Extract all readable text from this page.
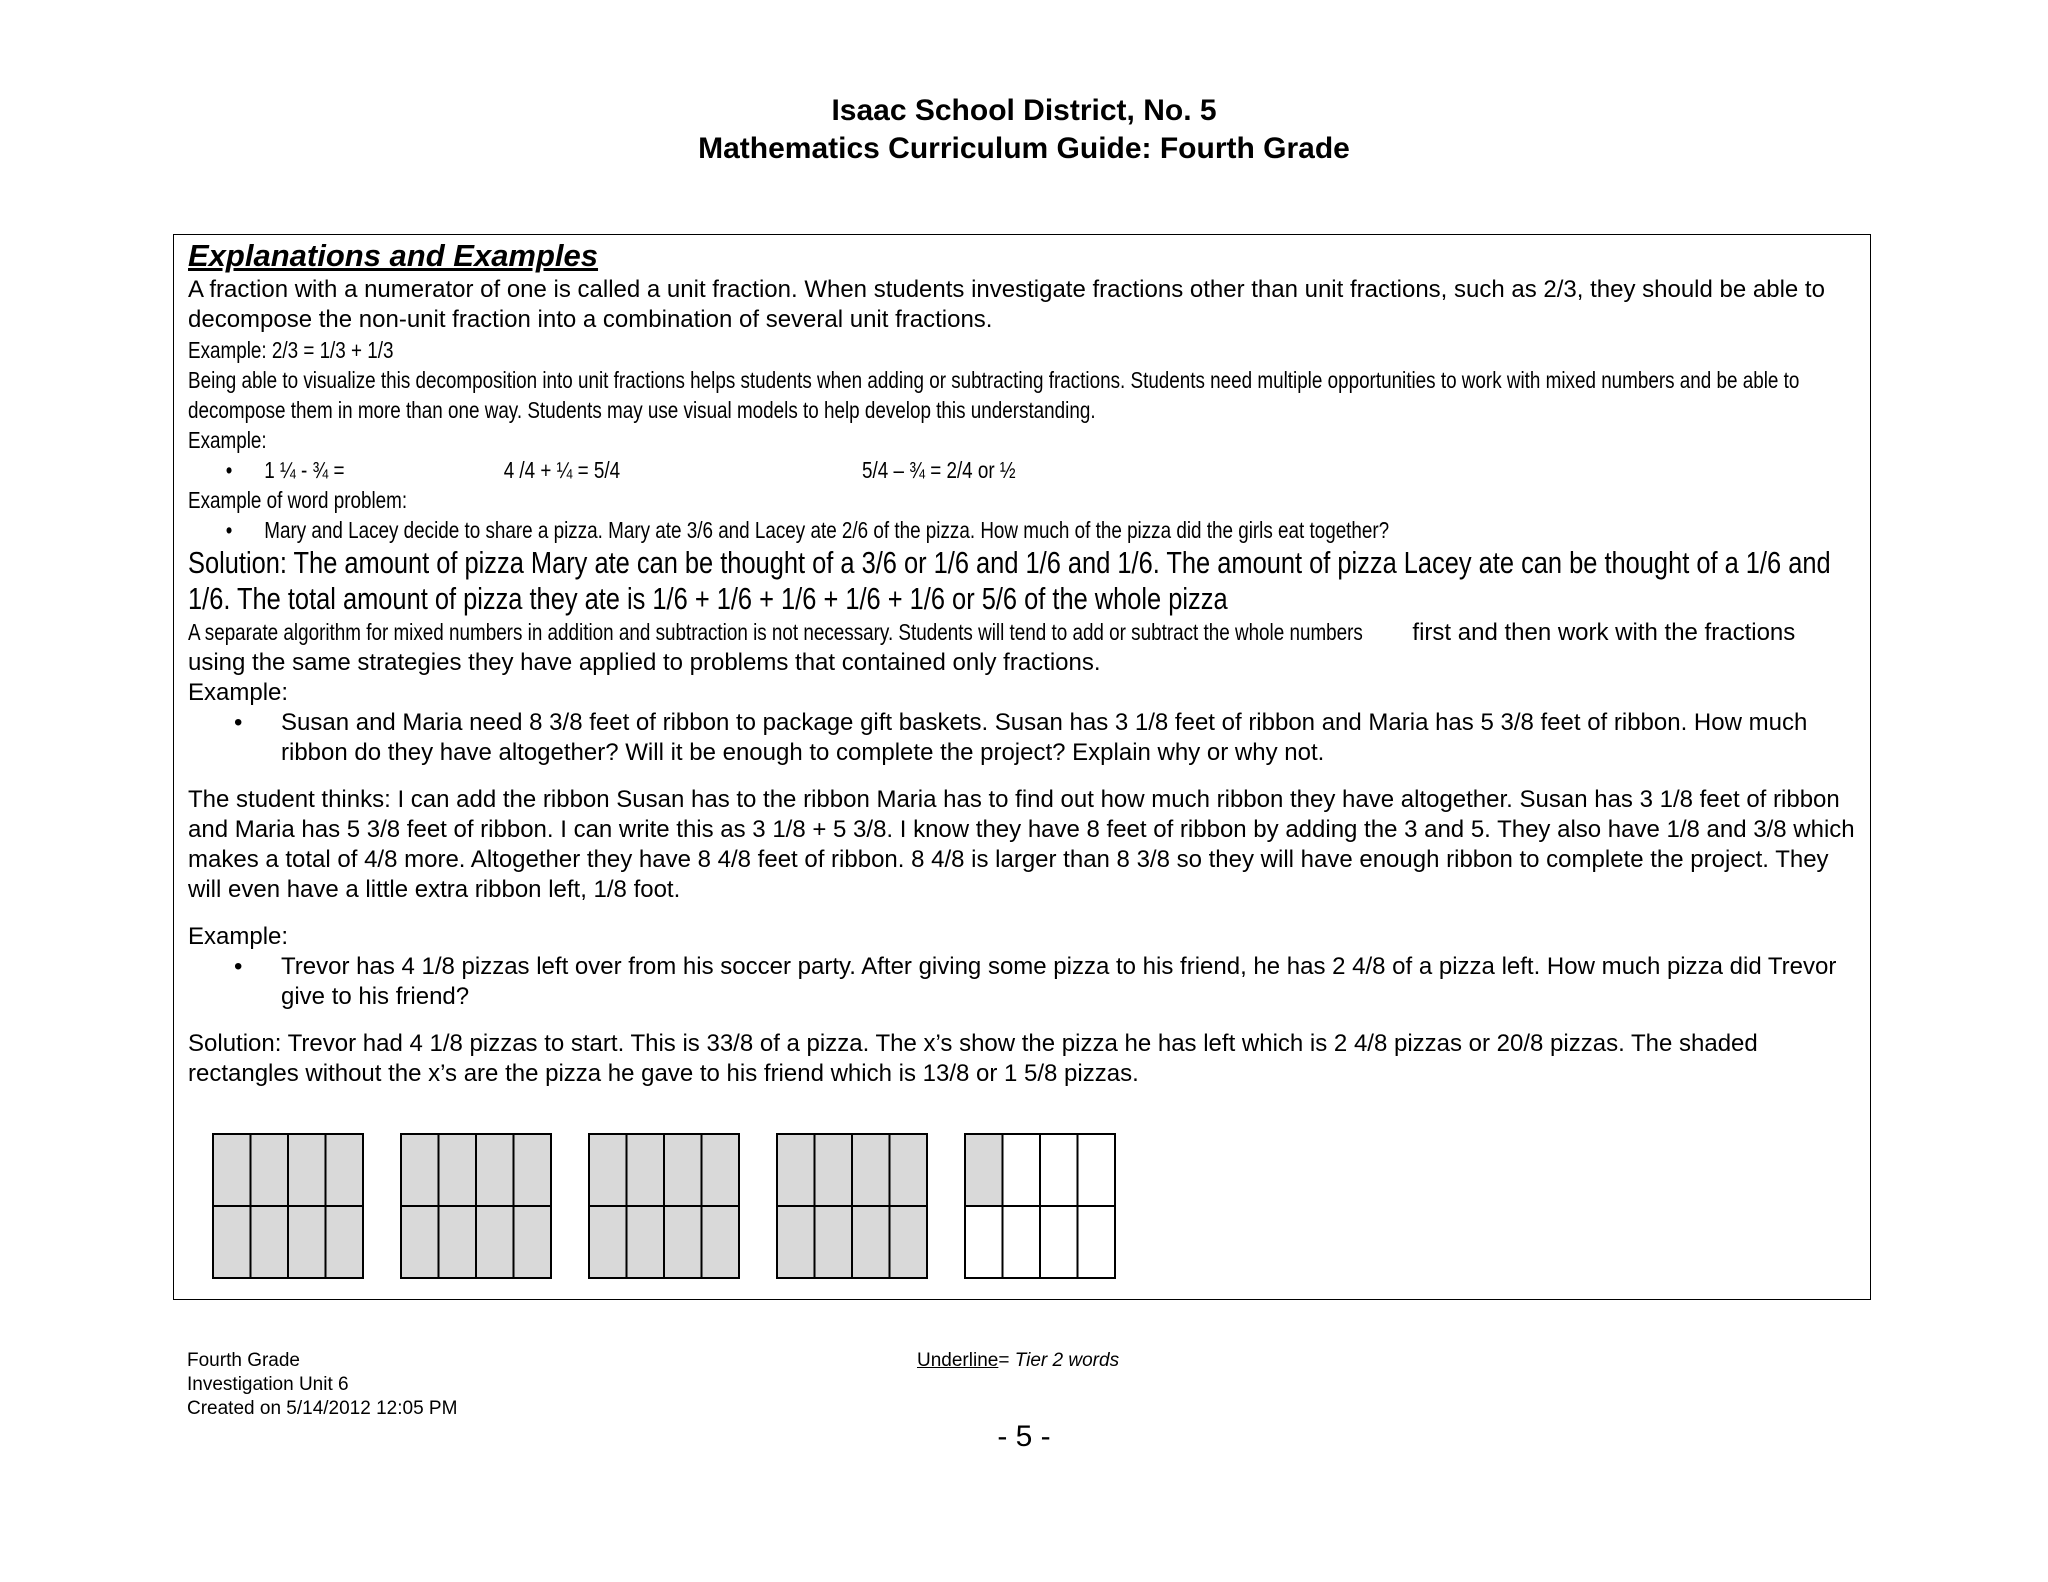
Isaac School District, No. 5
Mathematics Curriculum Guide: Fourth Grade
Explanations and Examples
A fraction with a numerator of one is called a unit fraction. When students investigate fractions other than unit fractions, such as 2/3, they should be able to decompose the non-unit fraction into a combination of several unit fractions.
Example: 2/3 = 1/3 + 1/3
Being able to visualize this decomposition into unit fractions helps students when adding or subtracting fractions. Students need multiple opportunities to work with mixed numbers and be able to decompose them in more than one way. Students may use visual models to help develop this understanding.
Example:
• 1 ¼ - ¾ =	4 /4 + ¼ = 5/4	5/4 – ¾ = 2/4 or ½
Example of word problem:
• Mary and Lacey decide to share a pizza. Mary ate 3/6 and Lacey ate 2/6 of the pizza. How much of the pizza did the girls eat together?
Solution: The amount of pizza Mary ate can be thought of a 3/6 or 1/6 and 1/6 and 1/6. The amount of pizza Lacey ate can be thought of a 1/6 and 1/6. The total amount of pizza they ate is 1/6 + 1/6 + 1/6 + 1/6 + 1/6 or 5/6 of the whole pizza
A separate algorithm for mixed numbers in addition and subtraction is not necessary. Students will tend to add or subtract the whole numbers first and then work with the fractions using the same strategies they have applied to problems that contained only fractions.
Example:
• Susan and Maria need 8 3/8 feet of ribbon to package gift baskets. Susan has 3 1/8 feet of ribbon and Maria has 5 3/8 feet of ribbon. How much ribbon do they have altogether? Will it be enough to complete the project? Explain why or why not.
The student thinks: I can add the ribbon Susan has to the ribbon Maria has to find out how much ribbon they have altogether. Susan has 3 1/8 feet of ribbon and Maria has 5 3/8 feet of ribbon. I can write this as 3 1/8 + 5 3/8. I know they have 8 feet of ribbon by adding the 3 and 5. They also have 1/8 and 3/8 which makes a total of 4/8 more. Altogether they have 8 4/8 feet of ribbon. 8 4/8 is larger than 8 3/8 so they will have enough ribbon to complete the project. They will even have a little extra ribbon left, 1/8 foot.
Example:
• Trevor has 4 1/8 pizzas left over from his soccer party. After giving some pizza to his friend, he has 2 4/8 of a pizza left. How much pizza did Trevor give to his friend?
Solution: Trevor had 4 1/8 pizzas to start. This is 33/8 of a pizza. The x’s show the pizza he has left which is 2 4/8 pizzas or 20/8 pizzas. The shaded rectangles without the x’s are the pizza he gave to his friend which is 13/8 or 1 5/8 pizzas.
Fourth Grade
Investigation Unit 6
Created on 5/14/2012 12:05 PM
Underline= Tier 2 words
- 5 -
